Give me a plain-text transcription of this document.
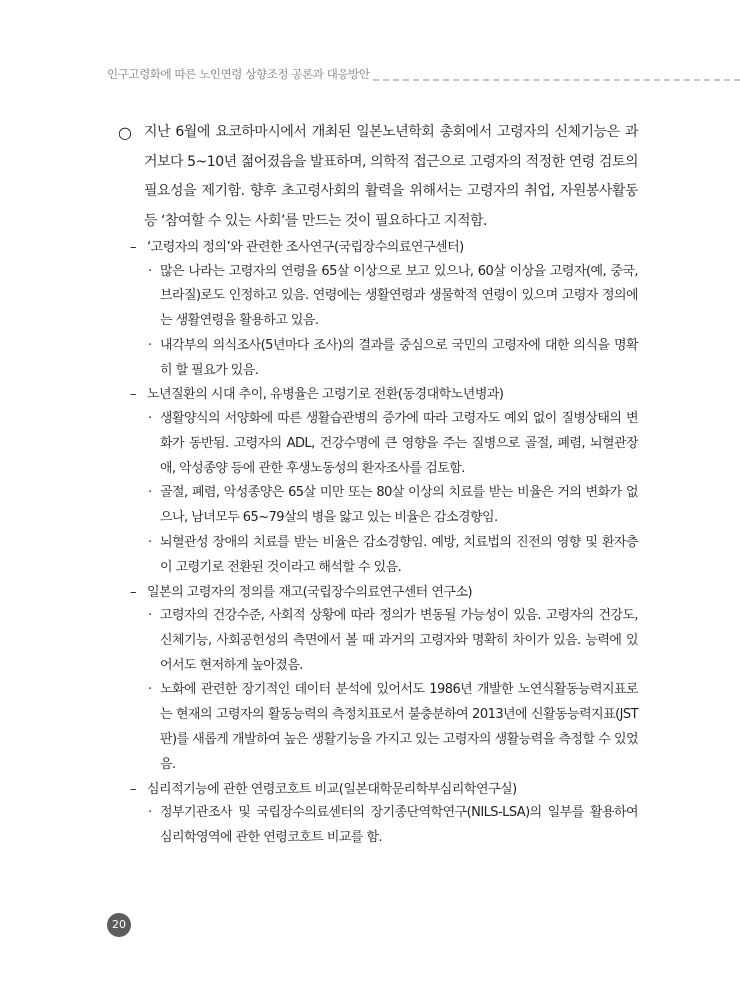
인구고령화에 따른 노인연령 상향조정 공론과 대응방안
○ 지난 6월에 요코하마시에서 개최된 일본노년학회 총회에서 고령자의 신체기능은 과거보다 5~10년 젊어졌음을 발표하며, 의학적 접근으로 고령자의 적정한 연령 검토의 필요성을 제기함. 향후 초고령사회의 활력을 위해서는 고령자의 취업, 자원봉사활동 등 ‘참여할 수 있는 사회’를 만드는 것이 필요하다고 지적함.
– ‘고령자의 정의’와 관련한 조사연구(국립장수의료연구센터)
· 많은 나라는 고령자의 연령을 65살 이상으로 보고 있으나, 60살 이상을 고령자(예, 중국, 브라질)로도 인정하고 있음. 연령에는 생활연령과 생물학적 연령이 있으며 고령자 정의에는 생활연령을 활용하고 있음.
· 내각부의 의식조사(5년마다 조사)의 결과를 중심으로 국민의 고령자에 대한 의식을 명확히 할 필요가 있음.
– 노년질환의 시대 추이, 유병율은 고령기로 전환(동경대학노년병과)
· 생활양식의 서양화에 따른 생활습관병의 증가에 따라 고령자도 예외 없이 질병상태의 변화가 동반됨. 고령자의 ADL, 건강수명에 큰 영향을 주는 질병으로 골절, 폐렴, 뇌혈관장애, 악성종양 등에 관한 후생노동성의 환자조사를 검토함.
· 골절, 폐렴, 악성종양은 65살 미만 또는 80살 이상의 치료를 받는 비율은 거의 변화가 없으나, 남녀모두 65~79살의 병을 앓고 있는 비율은 감소경향임.
· 뇌혈관성 장애의 치료를 받는 비율은 감소경향임. 예방, 치료법의 진전의 영향 및 환자층이 고령기로 전환된 것이라고 해석할 수 있음.
– 일본의 고령자의 정의를 재고(국립장수의료연구센터 연구소)
· 고령자의 건강수준, 사회적 상황에 따라 정의가 변동될 가능성이 있음. 고령자의 건강도, 신체기능, 사회공헌성의 측면에서 볼 때 과거의 고령자와 명확히 차이가 있음. 능력에 있어서도 현저하게 높아졌음.
· 노화에 관련한 장기적인 데이터 분석에 있어서도 1986년 개발한 노연식활동능력지표로는 현재의 고령자의 활동능력의 측정치표로서 불충분하여 2013년에 신활동능력지표(JST판)를 새롭게 개발하여 높은 생활기능을 가지고 있는 고령자의 생활능력을 측정할 수 있었음.
– 심리적기능에 관한 연령코호트 비교(일본대학문리학부심리학연구실)
· 정부기관조사 및 국립장수의료센터의 장기종단역학연구(NILS-LSA)의 일부를 활용하여 심리학영역에 관한 연령코호트 비교를 함.
20
